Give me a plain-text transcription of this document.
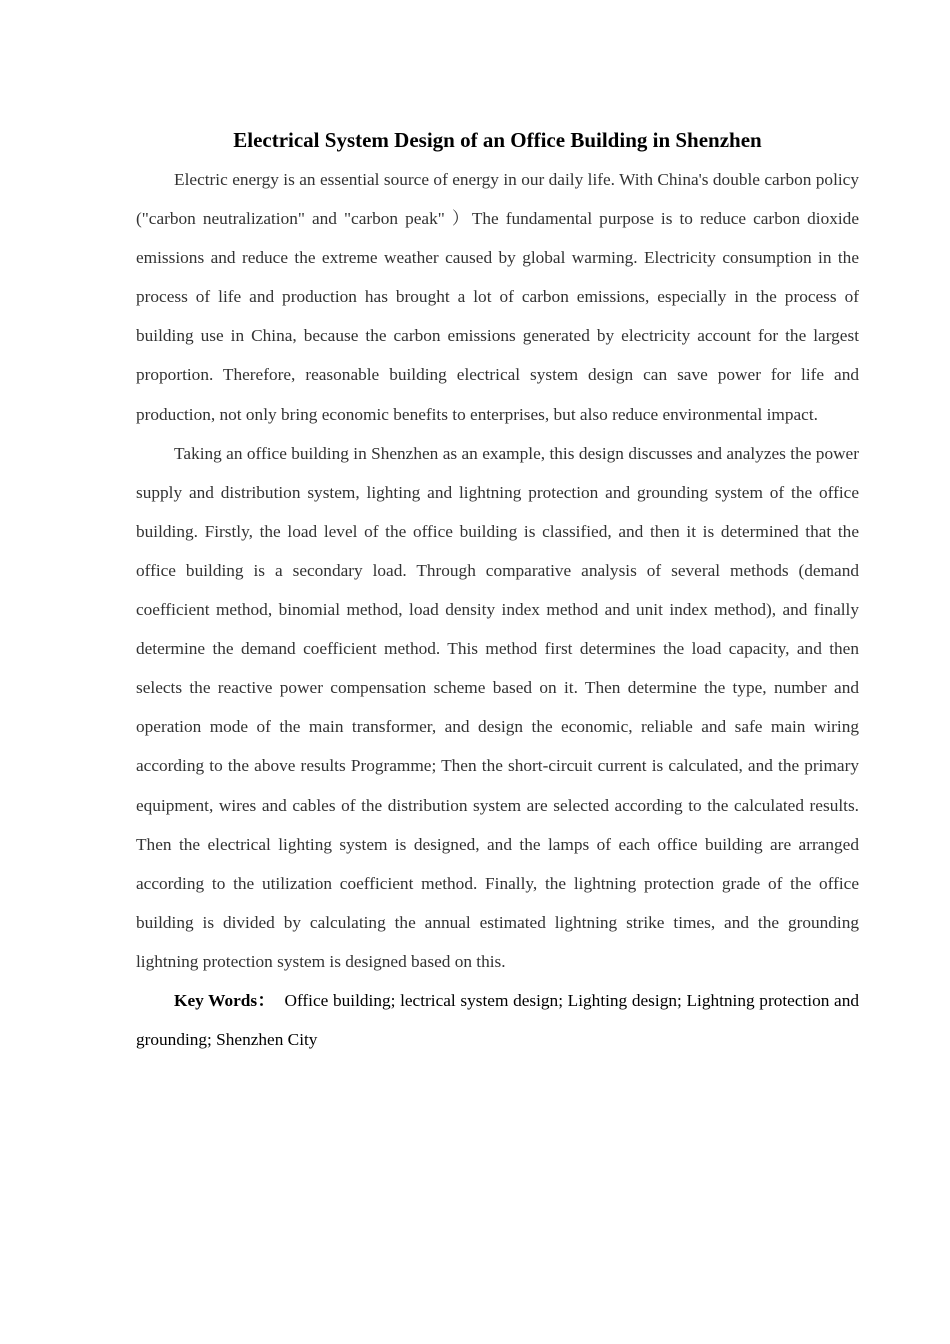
Electrical System Design of an Office Building in Shenzhen

Electric energy is an essential source of energy in our daily life. With China's double carbon policy ("carbon neutralization" and "carbon peak" ）The fundamental purpose is to reduce carbon dioxide emissions and reduce the extreme weather caused by global warming. Electricity consumption in the process of life and production has brought a lot of carbon emissions, especially in the process of building use in China, because the carbon emissions generated by electricity account for the largest proportion. Therefore, reasonable building electrical system design can save power for life and production, not only bring economic benefits to enterprises, but also reduce environmental impact.

Taking an office building in Shenzhen as an example, this design discusses and analyzes the power supply and distribution system, lighting and lightning protection and grounding system of the office building. Firstly, the load level of the office building is classified, and then it is determined that the office building is a secondary load. Through comparative analysis of several methods (demand coefficient method, binomial method, load density index method and unit index method), and finally determine the demand coefficient method. This method first determines the load capacity, and then selects the reactive power compensation scheme based on it. Then determine the type, number and operation mode of the main transformer, and design the economic, reliable and safe main wiring according to the above results Programme; Then the short-circuit current is calculated, and the primary equipment, wires and cables of the distribution system are selected according to the calculated results. Then the electrical lighting system is designed, and the lamps of each office building are arranged according to the utilization coefficient method. Finally, the lightning protection grade of the office building is divided by calculating the annual estimated lightning strike times, and the grounding lightning protection system is designed based on this.

Key Words： Office building; lectrical system design; Lighting design; Lightning protection and grounding; Shenzhen City
